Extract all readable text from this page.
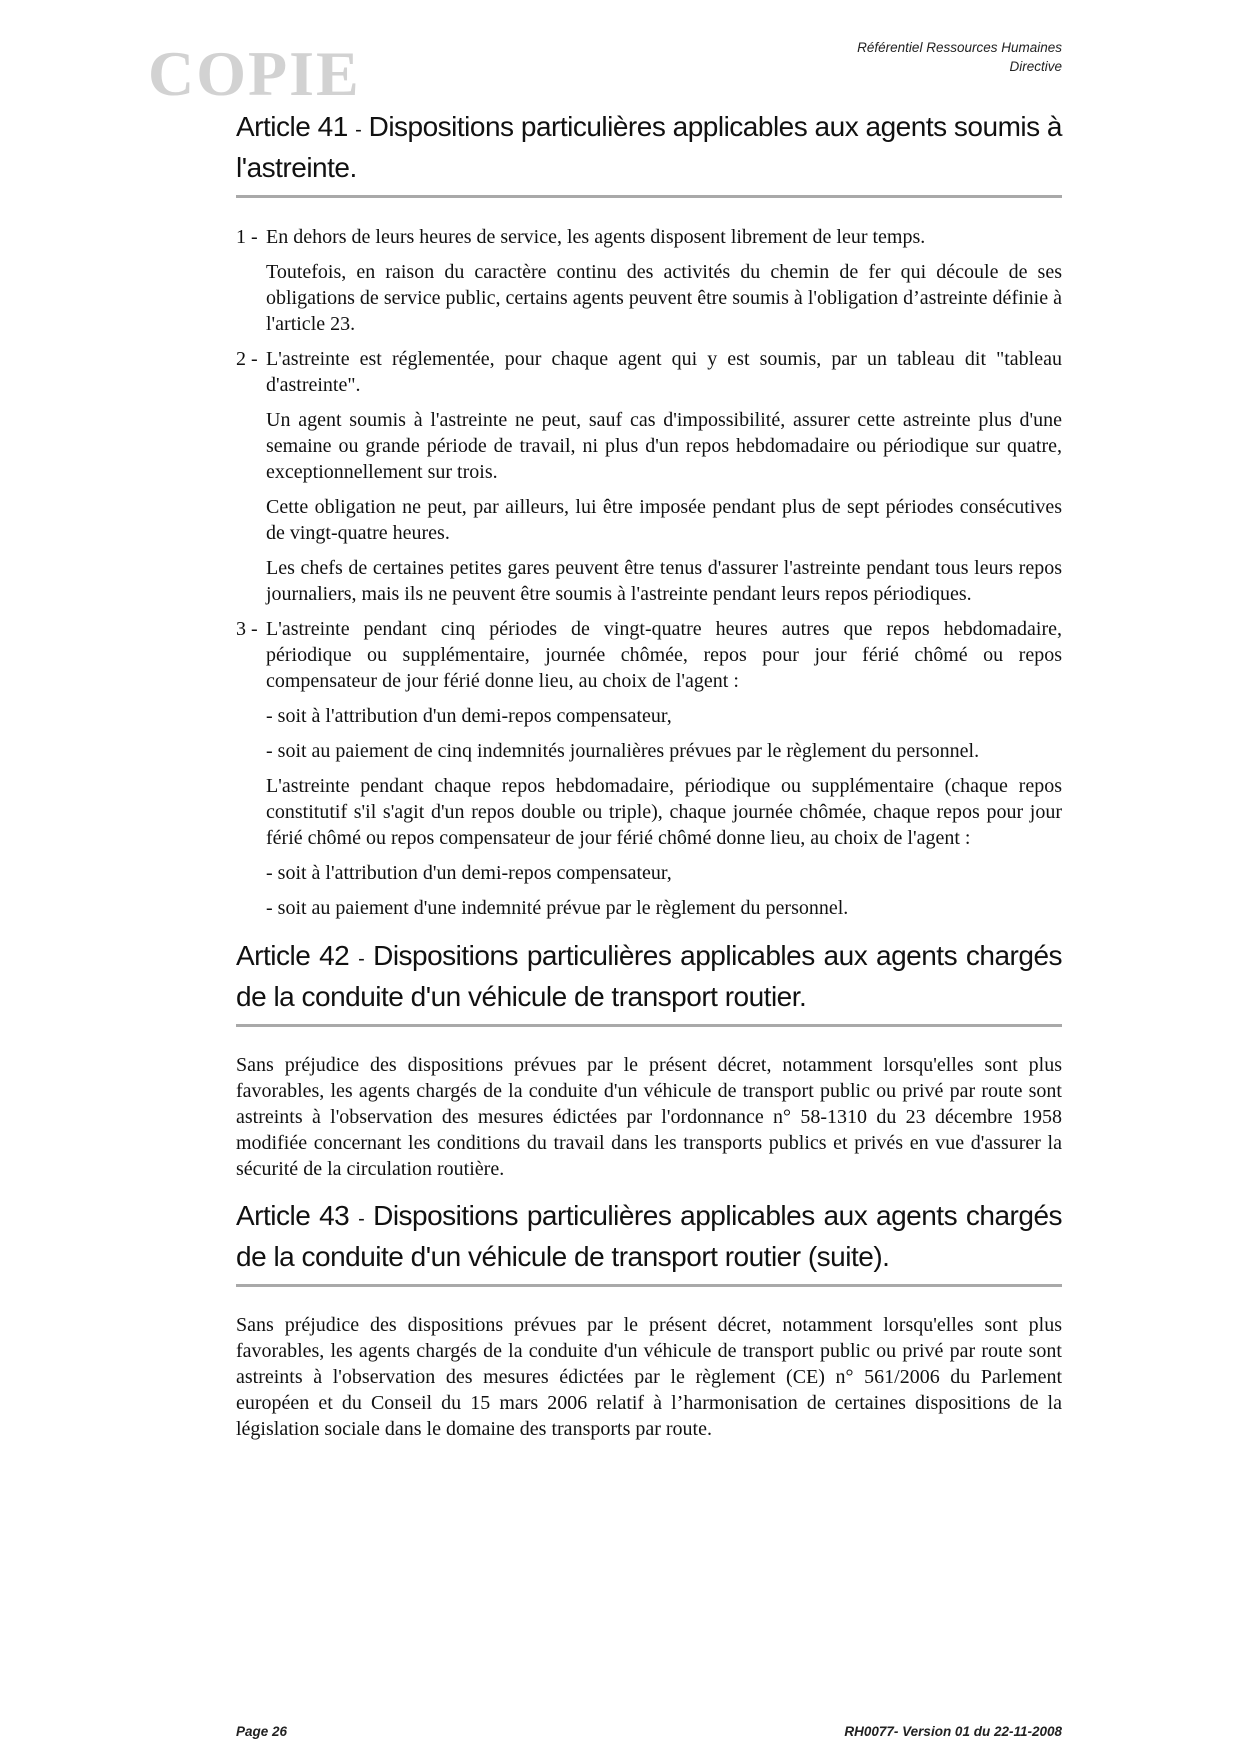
COPIE	Référentiel Ressources Humaines
Directive
Article 41 - Dispositions particulières applicables aux agents soumis à l'astreinte.

1 - En dehors de leurs heures de service, les agents disposent librement de leur temps.

Toutefois, en raison du caractère continu des activités du chemin de fer qui découle de ses obligations de service public, certains agents peuvent être soumis à l'obligation d’astreinte définie à l'article 23.

2 - L'astreinte est réglementée, pour chaque agent qui y est soumis, par un tableau dit "tableau d'astreinte".

Un agent soumis à l'astreinte ne peut, sauf cas d'impossibilité, assurer cette astreinte plus d'une semaine ou grande période de travail, ni plus d'un repos hebdomadaire ou périodique sur quatre, exceptionnellement sur trois.

Cette obligation ne peut, par ailleurs, lui être imposée pendant plus de sept périodes consécutives de vingt-quatre heures.

Les chefs de certaines petites gares peuvent être tenus d'assurer l'astreinte pendant tous leurs repos journaliers, mais ils ne peuvent être soumis à l'astreinte pendant leurs repos périodiques.

3 - L'astreinte pendant cinq périodes de vingt-quatre heures autres que repos hebdomadaire, périodique ou supplémentaire, journée chômée, repos pour jour férié chômé ou repos compensateur de jour férié donne lieu, au choix de l'agent :

- soit à l'attribution d'un demi-repos compensateur,

- soit au paiement de cinq indemnités journalières prévues par le règlement du personnel.

L'astreinte pendant chaque repos hebdomadaire, périodique ou supplémentaire (chaque repos constitutif s'il s'agit d'un repos double ou triple), chaque journée chômée, chaque repos pour jour férié chômé ou repos compensateur de jour férié chômé donne lieu, au choix de l'agent :

- soit à l'attribution d'un demi-repos compensateur,

- soit au paiement d'une indemnité prévue par le règlement du personnel.

Article 42 - Dispositions particulières applicables aux agents chargés de la conduite d'un véhicule de transport routier.

Sans préjudice des dispositions prévues par le présent décret, notamment lorsqu'elles sont plus favorables, les agents chargés de la conduite d'un véhicule de transport public ou privé par route sont astreints à l'observation des mesures édictées par l'ordonnance n° 58-1310 du 23 décembre 1958 modifiée concernant les conditions du travail dans les transports publics et privés en vue d'assurer la sécurité de la circulation routière.

Article 43 - Dispositions particulières applicables aux agents chargés de la conduite d'un véhicule de transport routier (suite).

Sans préjudice des dispositions prévues par le présent décret, notamment lorsqu'elles sont plus favorables, les agents chargés de la conduite d'un véhicule de transport public ou privé par route sont astreints à l'observation des mesures édictées par le règlement (CE) n° 561/2006 du Parlement européen et du Conseil du 15 mars 2006 relatif à l’harmonisation de certaines dispositions de la législation sociale dans le domaine des transports par route.

Page 26	RH0077- Version 01 du 22-11-2008
